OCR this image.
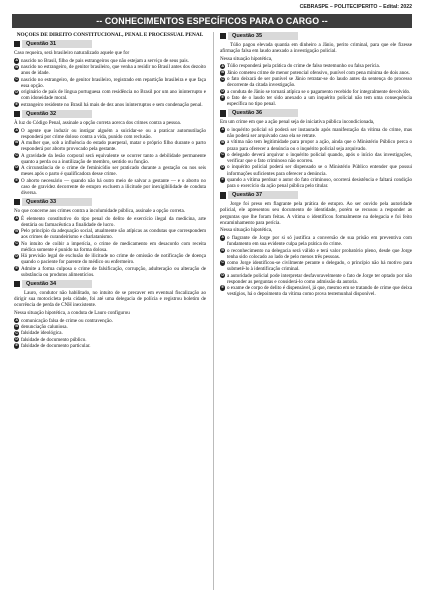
CEBRASPE – POLITECIPERITO – Edital: 2022
-- CONHECIMENTOS ESPECÍFICOS PARA O CARGO --
NOÇÕES DE DIREITO CONSTITUCIONAL, PENAL E PROCESSUAL PENAL
Questão 31

Caso requeira, será brasileiro naturalizado aquele que for

A nascido no Brasil, filho de pais estrangeiros que não estejam a serviço de seus pais.
B nascido no estrangeiro, de genitor brasileiro, que venha a residir no Brasil antes dos dezoito anos de idade.
C nascido no estrangeiro, de genitor brasileiro, registrado em repartição brasileira e que faça essa opção.
D originário de país de língua portuguesa com residência no Brasil por um ano ininterrupto e com idoneidade moral.
E estrangeiro residente no Brasil há mais de dez anos ininterruptos e sem condenação penal.
Questão 32

À luz do Código Penal, assinale a opção correta acerca dos crimes contra a pessoa.

A O agente que induzir ou instigar alguém a suicidar-se ou a praticar automutilação responderá por crime doloso contra a vida, punido com reclusão.
B A mulher que, sob a influência do estado puerperal, matar o próprio filho durante o parto responderá por aborto provocado pela gestante.
C A gravidade da lesão corporal será equivalente se ocorrer tanto a debilidade permanente quanto a perda ou a inutilização de membro, sentido ou função.
D A circunstância de o crime de feminicídio ser praticado durante a gestação ou nos seis meses após o parto é qualificadora desse crime.
E O aborto necessário — quando não há outro meio de salvar a gestante — e o aborto no caso de gravidez decorrente de estupro excluem a ilicitude por inexigibilidade de conduta diversa.
Questão 33

No que concerne aos crimes contra a incolumidade pública, assinale a opção correta.

A É elemento constitutivo do tipo penal do delito de exercício ilegal da medicina, arte dentária ou farmacêutica a finalidade de lucro.
B Pelo princípio da adequação social, atualmente são atípicas as condutas que correspondem aos crimes de curandeirismo e charlatanismo.
C No intuito de coibir a imperícia, o crime de medicamento em desacordo com receita médica somente é punido na forma dolosa.
D Há previsão legal de exclusão de ilicitude no crime de omissão de notificação de doença quando o paciente for parente do médico ou enfermeiro.
E Admite a forma culposa o crime de falsificação, corrupção, adulteração ou alteração de substância ou produtos alimentícios.
Questão 34

Lauro, condutor não habilitado, no intuito de se precaver em eventual fiscalização ao dirigir sua motocicleta pela cidade, foi até uma delegacia de polícia e registrou boletim de ocorrência de perda de CNH inexistente.

Nessa situação hipotética, a conduta de Lauro configurou

A comunicação falsa de crime ou contravenção.
B denunciação caluniosa.
C falsidade ideológica.
D falsidade de documento público.
E falsidade de documento particular.
Questão 35

Túlio pagou elevada quantia em dinheiro a Jânio, perito criminal, para que ele fizesse afirmação falsa em laudo anexado a investigação policial.

Nessa situação hipotética,

A Túlio responderá pela prática do crime de falso testemunho ou falsa perícia.
B Jânio cometeu crime de menor potencial ofensivo, punível com pena mínima de dois anos.
C o fato deixará de ser punível se Jânio retratar-se do laudo antes da sentença do processo decorrente da citada investigação.
D a conduta de Jânio se tornará atípica se o pagamento recebido for integralmente devolvido.
E o fato de o laudo ter sido anexado a um inquérito policial não tem uma consequência específica no tipo penal.
Questão 36

Em um crime em que a ação penal seja de iniciativa pública incondicionada,

A o inquérito policial só poderá ser instaurado após manifestação da vítima do crime, mas não poderá ser arquivado caso ela se retrate.
B a vítima não tem legitimidade para propor a ação, ainda que o Ministério Público perca o prazo para oferecer a denúncia ou o inquérito policial seja arquivado.
C o delegado deverá arquivar o inquérito policial quando, após o início das investigações, verificar que o fato criminoso não ocorreu.
D o inquérito policial poderá ser dispensado se o Ministério Público entender que possui informações suficientes para oferecer a denúncia.
E quando a vítima perdoar o autor do fato criminoso, ocorrerá desistência e faltará condição para o exercício da ação penal pública pelo titular.
Questão 37

Jorge foi preso em flagrante pela prática de estupro. Ao ser ouvido pela autoridade policial, ele apresentou seu documento de identidade, porém se recusou a responder as perguntas que lhe foram feitas. A vítima o identificou formalmente na delegacia e foi feito encaminhamento para perícia.

Nessa situação hipotética,

A o flagrante de Jorge por si só justifica a conversão de sua prisão em preventiva com fundamento em sua evidente culpa pela prática do crime.
B o reconhecimento na delegacia será válido e terá valor probatório pleno, desde que Jorge tenha sido colocado ao lado de pelo menos três pessoas.
C como Jorge identificou-se civilmente perante o delegado, o princípio não há motivo para submetê-lo à identificação criminal.
D a autoridade policial pode interpretar desfavoravelmente o fato de Jorge ter optado por não responder as perguntas e considerá-lo como admissão da autoria.
E o exame de corpo de delito é dispensável, já que, mesmo em se tratando de crime que deixa vestígios, há o depoimento da vítima como prova testemunhal disponível.
